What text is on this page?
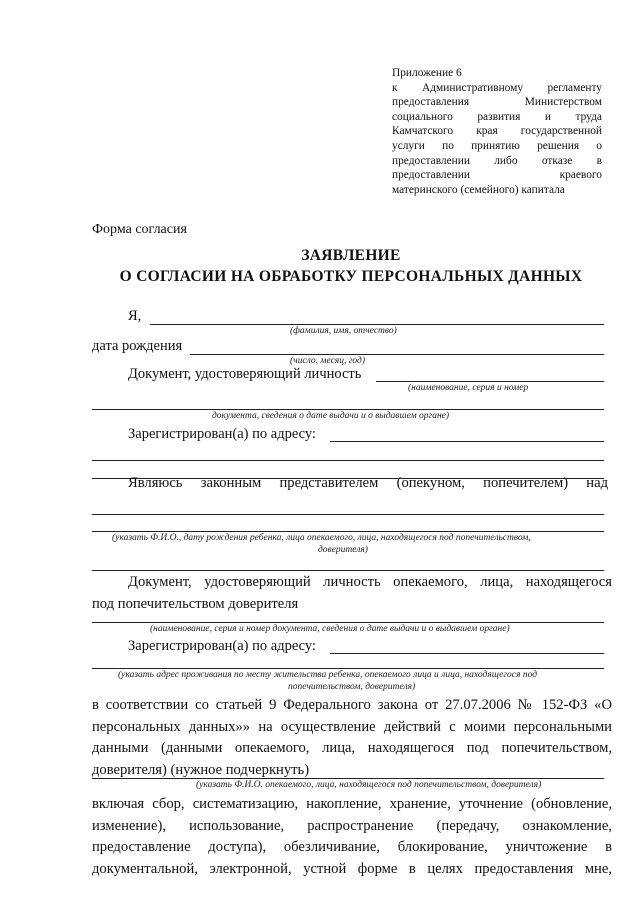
Приложение 6
к Административному регламенту
предоставления Министерством
социального развития и труда
Камчатского края государственной
услуги по принятию решения о
предоставлении либо отказе в
предоставлении краевого
материнского (семейного) капитала
Форма согласия
ЗАЯВЛЕНИЕ
О СОГЛАСИИ НА ОБРАБОТКУ ПЕРСОНАЛЬНЫХ ДАННЫХ
Я,
(фамилия, имя, отчество)
дата рождения
(число, месяц, год)
Документ, удостоверяющий личность
(наименование, серия и номер
документа, сведения о дате выдачи и о выдавшем органе)
Зарегистрирован(а) по адресу:
Являюсь законным представителем (опекуном, попечителем) над
(указать Ф.И.О., дату рождения ребенка, лица опекаемого, лица, находящегося под попечительством,
доверителя)
Документ, удостоверяющий личность опекаемого, лица, находящегося
под попечительством доверителя
(наименование, серия и номер документа, сведения о дате выдачи и о выдавшем органе)
Зарегистрирован(а) по адресу:
(указать адрес проживания по месту жительства ребенка, опекаемого лица и лица, находящегося под
попечительством, доверителя)
в соответствии со статьей 9 Федерального закона от 27.07.2006 № 152-ФЗ «О
персональных данных»» на осуществление действий с моими персональными
данными (данными опекаемого, лица, находящегося под попечительством,
доверителя) (нужное подчеркнуть)
(указать Ф.И.О. опекаемого, лица, находящегося под попечительством, доверителя)
включая сбор, систематизацию, накопление, хранение, уточнение (обновление,
изменение), использование, распространение (передачу, ознакомление,
предоставление доступа), обезличивание, блокирование, уничтожение в
документальной, электронной, устной форме в целях предоставления мне,
